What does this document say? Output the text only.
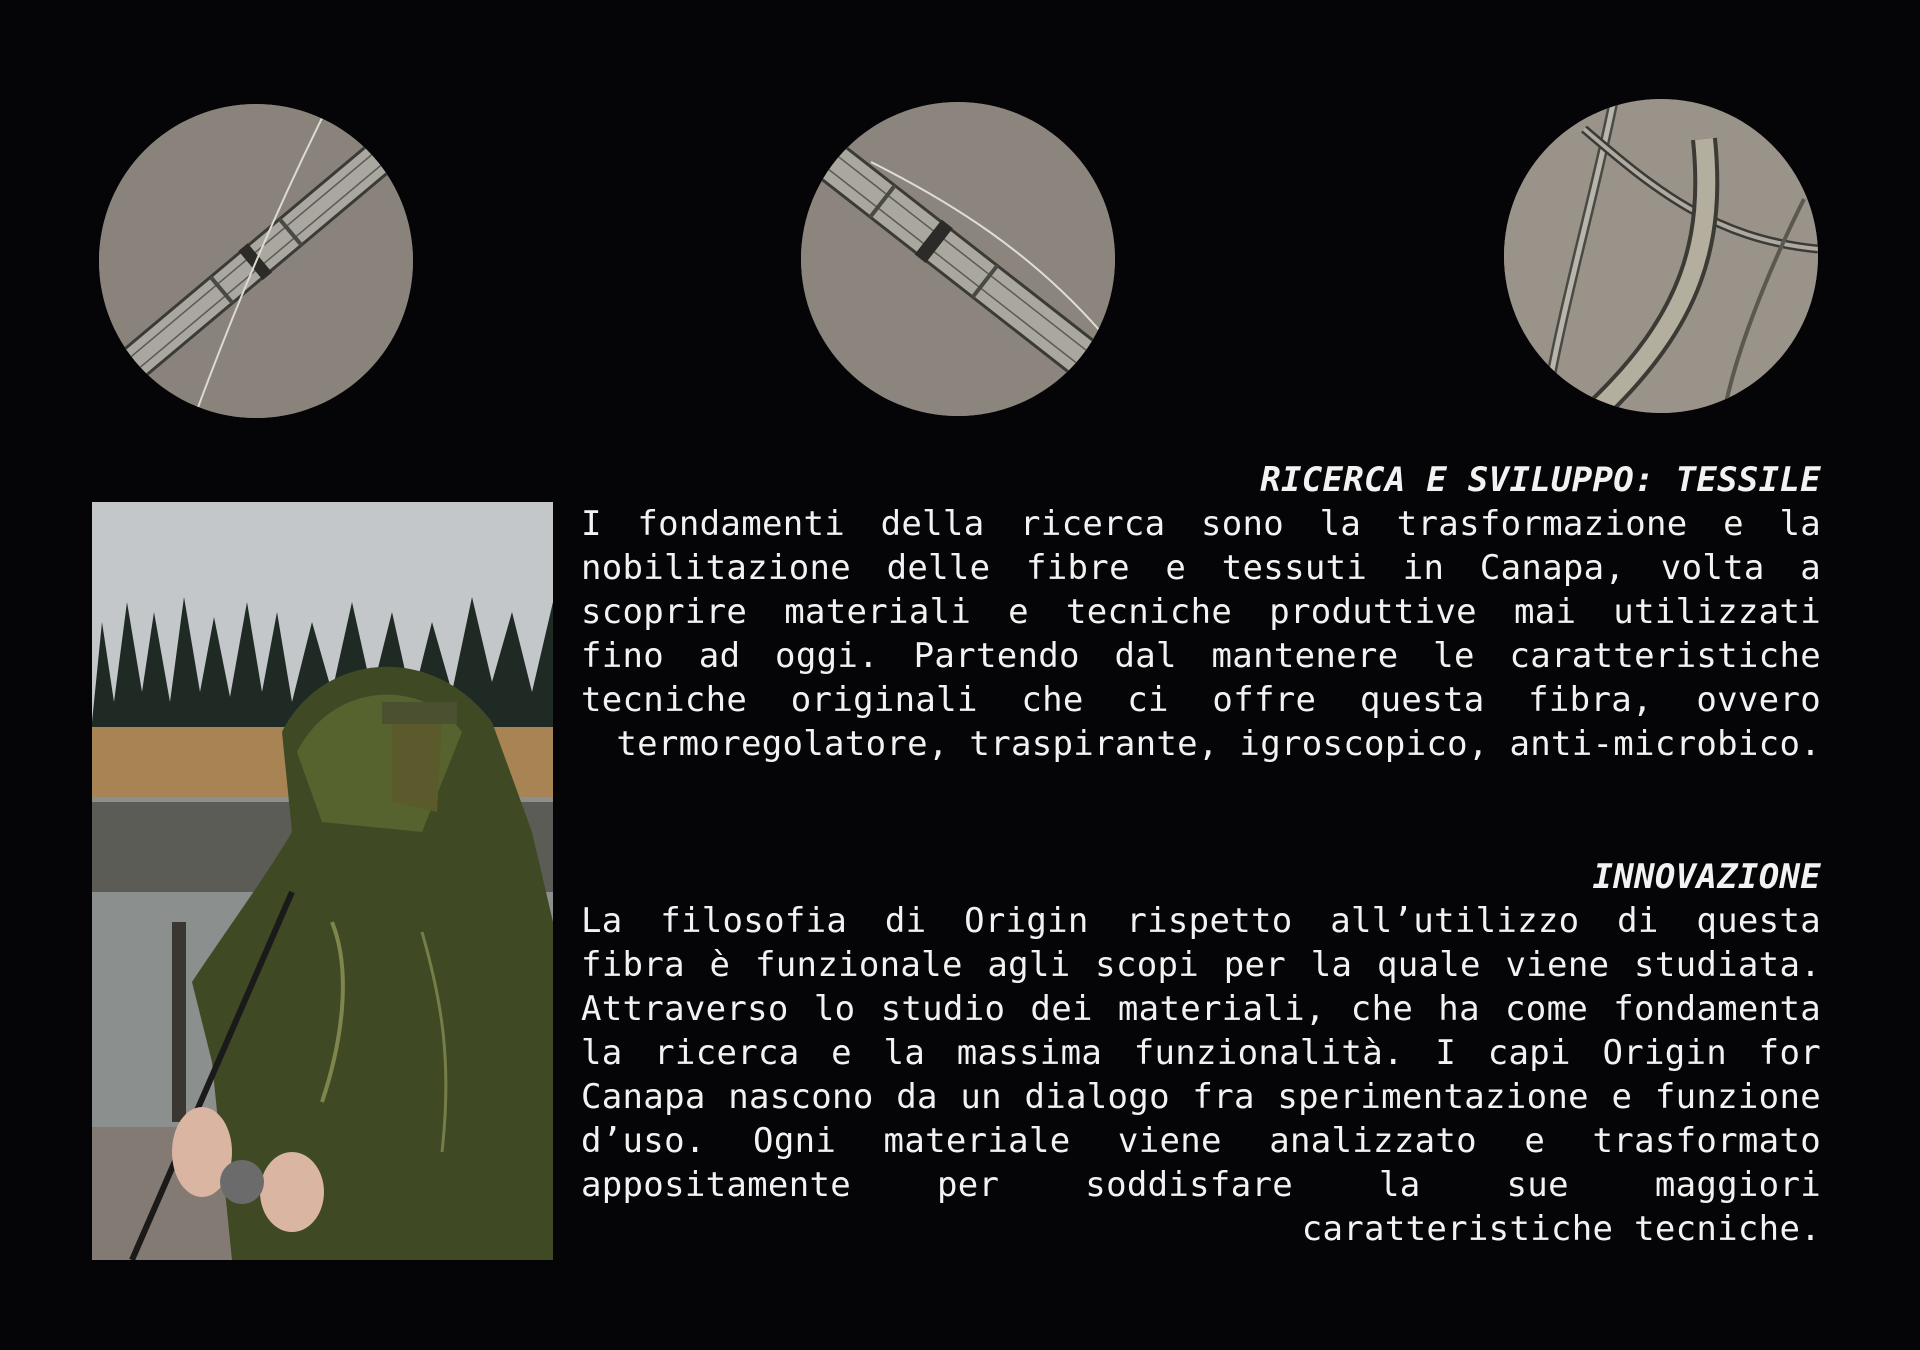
RICERCA E SVILUPPO: TESSILE

I fondamenti della ricerca sono la trasformazione e la nobilitazione delle fibre e tessuti in Canapa, volta a scoprire materiali e tecniche produttive mai utilizzati fino ad oggi. Partendo dal mantenere le caratteristiche tecniche originali che ci offre questa fibra, ovvero termoregolatore, traspirante, igroscopico, anti-microbico.

INNOVAZIONE

La filosofia di Origin rispetto all’utilizzo di questa fibra è funzionale agli scopi per la quale viene studiata. Attraverso lo studio dei materiali, che ha come fondamenta la ricerca e la massima funzionalità. I capi Origin for Canapa nascono da un dialogo fra sperimentazione e funzione d’uso. Ogni materiale viene analizzato e trasformato appositamente per soddisfare la sue maggiori caratteristiche tecniche.
